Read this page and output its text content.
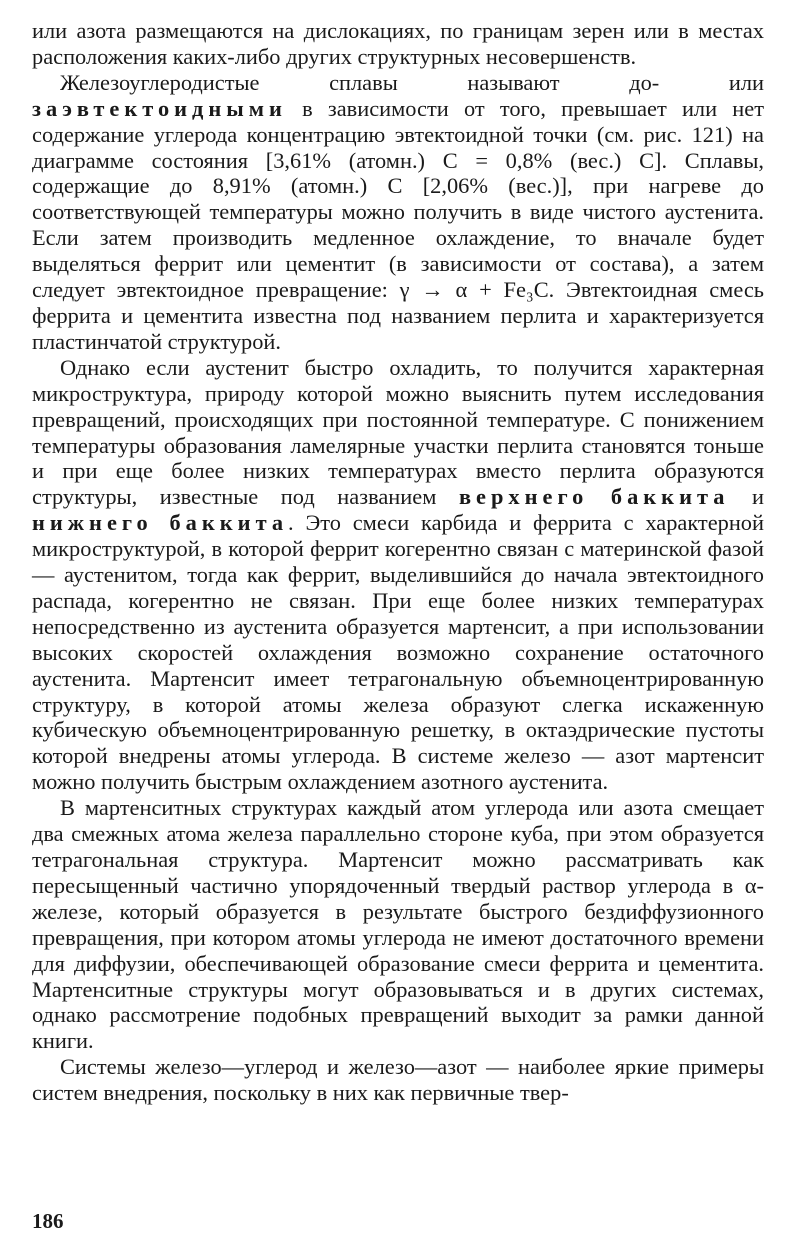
или азота размещаются на дислокациях, по границам зерен или в местах расположения каких-либо других структурных несовершенств.

Железоуглеродистые сплавы называют до- или заэвтектоидными в зависимости от того, превышает или нет содержание углерода концентрацию эвтектоидной точки (см. рис. 121) на диаграмме состояния [3,61% (атомн.) C = 0,8% (вес.) C]. Сплавы, содержащие до 8,91% (атомн.) C [2,06% (вес.)], при нагреве до соответствующей температуры можно получить в виде чистого аустенита. Если затем производить медленное охлаждение, то вначале будет выделяться феррит или цементит (в зависимости от состава), а затем следует эвтектоидное превращение: γ → α + Fe₃C. Эвтектоидная смесь феррита и цементита известна под названием перлита и характеризуется пластинчатой структурой.

Однако если аустенит быстро охладить, то получится характерная микроструктура, природу которой можно выяснить путем исследования превращений, происходящих при постоянной температуре. С понижением температуры образования ламелярные участки перлита становятся тоньше и при еще более низких температурах вместо перлита образуются структуры, известные под названием верхнего баккита и нижнего баккита. Это смеси карбида и феррита с характерной микроструктурой, в которой феррит когерентно связан с материнской фазой — аустенитом, тогда как феррит, выделившийся до начала эвтектоидного распада, когерентно не связан. При еще более низких температурах непосредственно из аустенита образуется мартенсит, а при использовании высоких скоростей охлаждения возможно сохранение остаточного аустенита. Мартенсит имеет тетрагональную объемноцентрированную структуру, в которой атомы железа образуют слегка искаженную кубическую объемноцентрированную решетку, в октаэдрические пустоты которой внедрены атомы углерода. В системе железо — азот мартенсит можно получить быстрым охлаждением азотного аустенита.

В мартенситных структурах каждый атом углерода или азота смещает два смежных атома железа параллельно стороне куба, при этом образуется тетрагональная структура. Мартенсит можно рассматривать как пересыщенный частично упорядоченный твердый раствор углерода в α-железе, который образуется в результате быстрого бездиффузионного превращения, при котором атомы углерода не имеют достаточного времени для диффузии, обеспечивающей образование смеси феррита и цементита. Мартенситные структуры могут образовываться и в других системах, однако рассмотрение подобных превращений выходит за рамки данной книги.

Системы железо—углерод и железо—азот — наиболее яркие примеры систем внедрения, поскольку в них как первичные твер-

186
